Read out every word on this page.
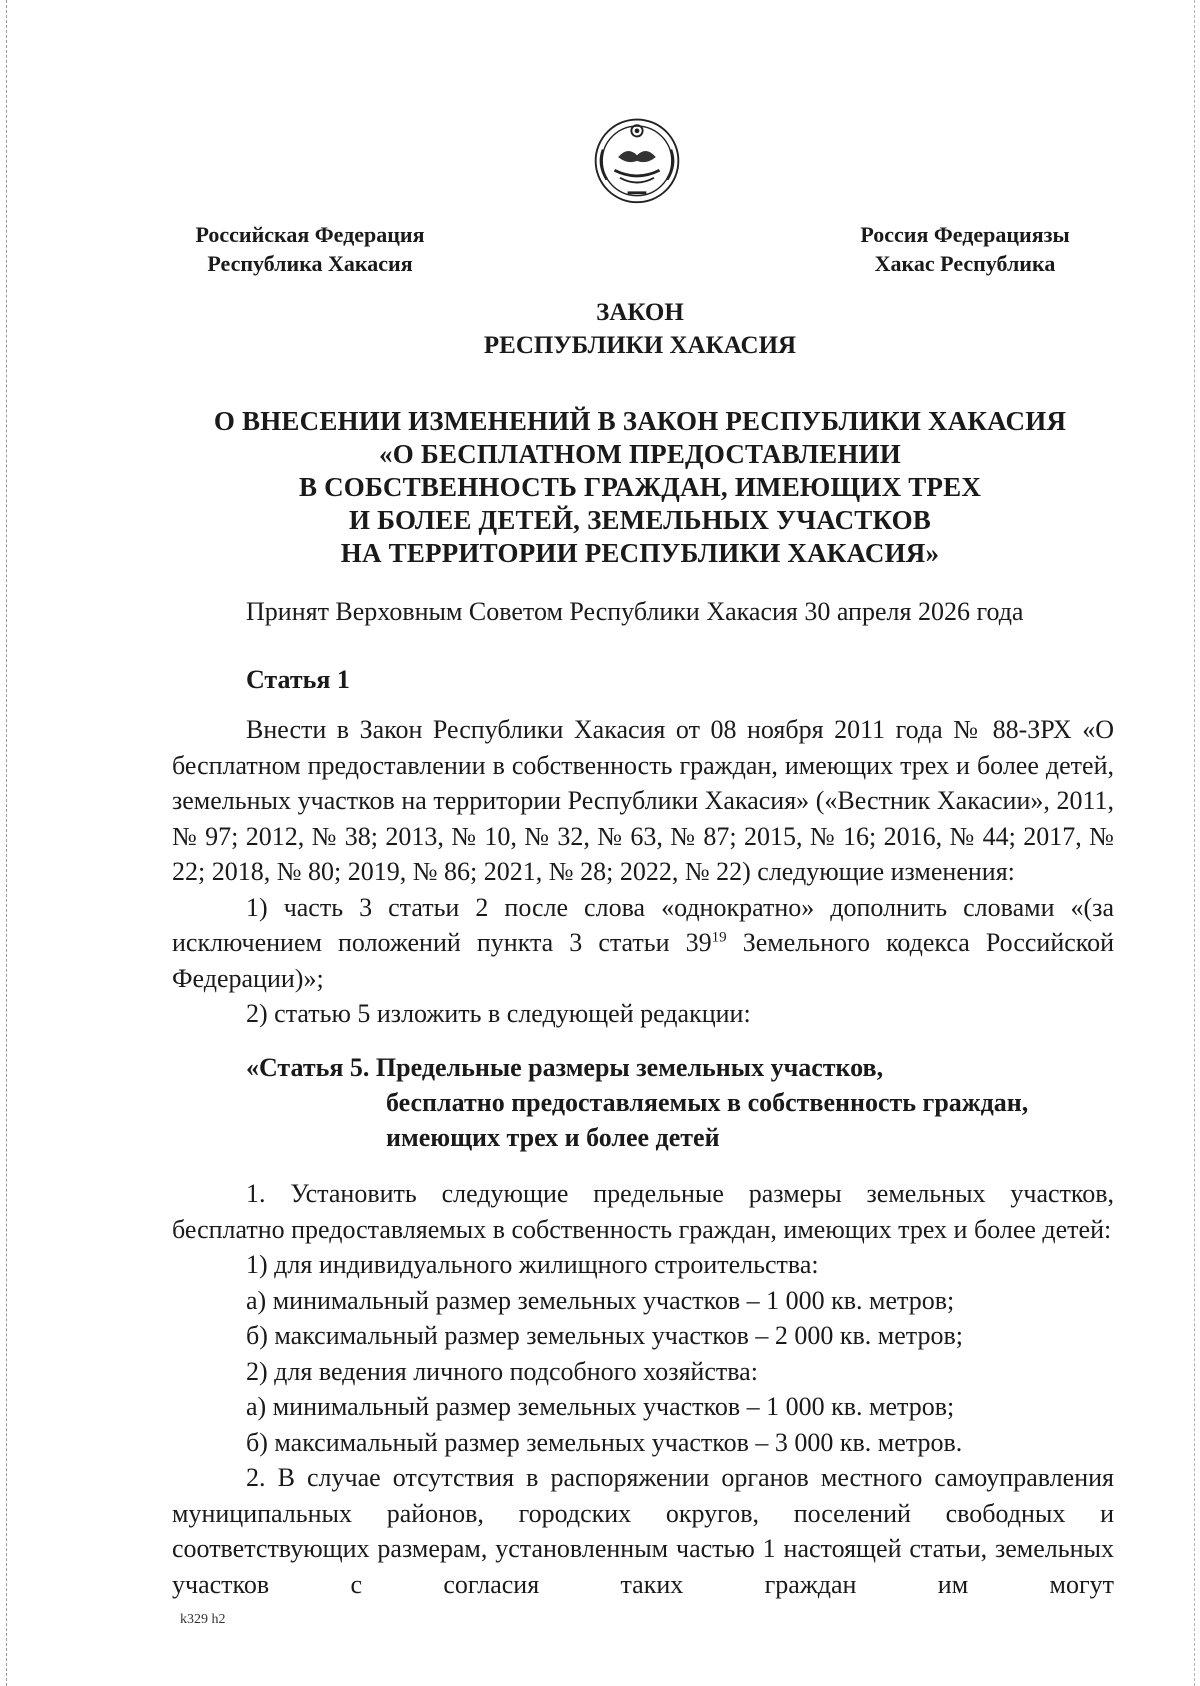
Российская Федерация
Республика Хакасия
Россия Федерациязы
Хакас Республика
ЗАКОН
РЕСПУБЛИКИ ХАКАСИЯ
О ВНЕСЕНИИ ИЗМЕНЕНИЙ В ЗАКОН РЕСПУБЛИКИ ХАКАСИЯ
«О БЕСПЛАТНОМ ПРЕДОСТАВЛЕНИИ
В СОБСТВЕННОСТЬ ГРАЖДАН, ИМЕЮЩИХ ТРЕХ
И БОЛЕЕ ДЕТЕЙ, ЗЕМЕЛЬНЫХ УЧАСТКОВ
НА ТЕРРИТОРИИ РЕСПУБЛИКИ ХАКАСИЯ»
Принят Верховным Советом Республики Хакасия 30 апреля 2026 года
Статья 1

Внести в Закон Республики Хакасия от 08 ноября 2011 года № 88-ЗРХ «О бесплатном предоставлении в собственность граждан, имеющих трех и более детей, земельных участков на территории Республики Хакасия» («Вестник Хакасии», 2011, № 97; 2012, № 38; 2013, № 10, № 32, № 63, № 87; 2015, № 16; 2016, № 44; 2017, № 22; 2018, № 80; 2019, № 86; 2021, № 28; 2022, № 22) следующие изменения:

1) часть 3 статьи 2 после слова «однократно» дополнить словами «(за исключением положений пункта 3 статьи $39^{19}$ Земельного кодекса Российской Федерации)»;

2) статью 5 изложить в следующей редакции:

«Статья 5. Предельные размеры земельных участков,
бесплатно предоставляемых в собственность граждан,
имеющих трех и более детей

1. Установить следующие предельные размеры земельных участков, бесплатно предоставляемых в собственность граждан, имеющих трех и более детей:

1) для индивидуального жилищного строительства:

а) минимальный размер земельных участков – 1 000 кв. метров;

б) максимальный размер земельных участков – 2 000 кв. метров;

2) для ведения личного подсобного хозяйства:

а) минимальный размер земельных участков – 1 000 кв. метров;

б) максимальный размер земельных участков – 3 000 кв. метров.

2. В случае отсутствия в распоряжении органов местного самоуправления муниципальных районов, городских округов, поселений свободных и соответствующих размерам, установленным частью 1 настоящей статьи, земельных участков с согласия таких граждан им могут

k329 h2
